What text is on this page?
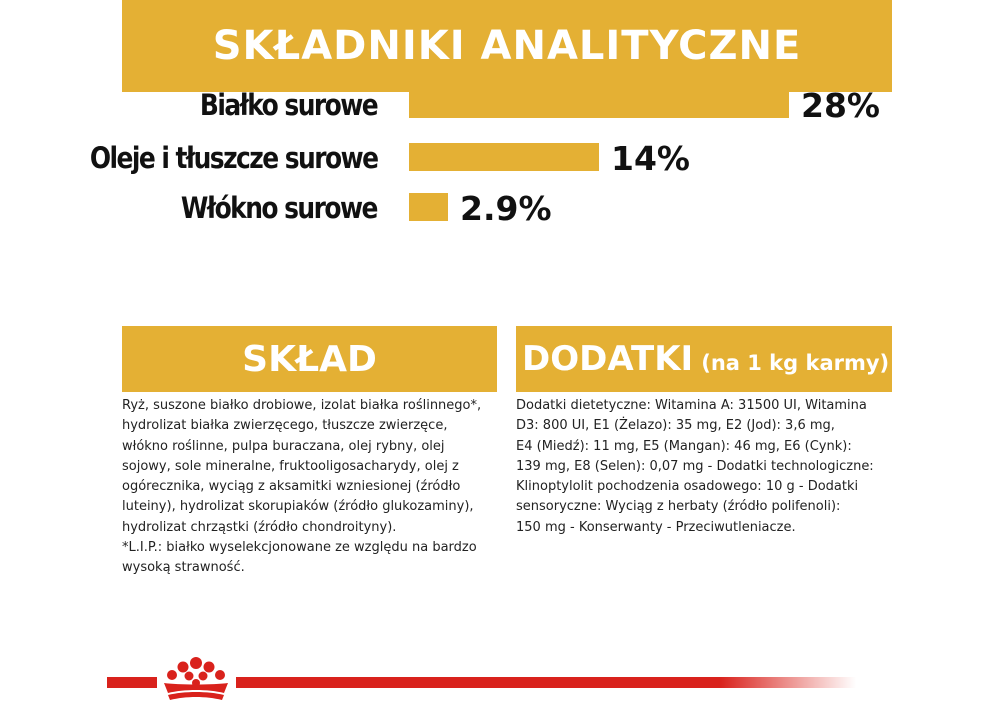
SKŁADNIKI ANALITYCZNE
Białko surowe	28%
Oleje i tłuszcze surowe	14%
Włókno surowe	2.9%
SKŁAD	DODATKI (na 1 kg karmy)
Ryż, suszone białko drobiowe, izolat białka roślinnego*,
hydrolizat białka zwierzęcego, tłuszcze zwierzęce,
włókno roślinne, pulpa buraczana, olej rybny, olej
sojowy, sole mineralne, fruktooligosacharydy, olej z
ogórecznika, wyciąg z aksamitki wzniesionej (źródło
luteiny), hydrolizat skorupiaków (źródło glukozaminy),
hydrolizat chrząstki (źródło chondroityny).
*L.I.P.: białko wyselekcjonowane ze względu na bardzo
wysoką strawność.
Dodatki dietetyczne: Witamina A: 31500 UI, Witamina
D3: 800 UI, E1 (Żelazo): 35 mg, E2 (Jod): 3,6 mg,
E4 (Miedź): 11 mg, E5 (Mangan): 46 mg, E6 (Cynk):
139 mg, E8 (Selen): 0,07 mg - Dodatki technologiczne:
Klinoptylolit pochodzenia osadowego: 10 g - Dodatki
sensoryczne: Wyciąg z herbaty (źródło polifenoli):
150 mg - Konserwanty - Przeciwutleniacze.
